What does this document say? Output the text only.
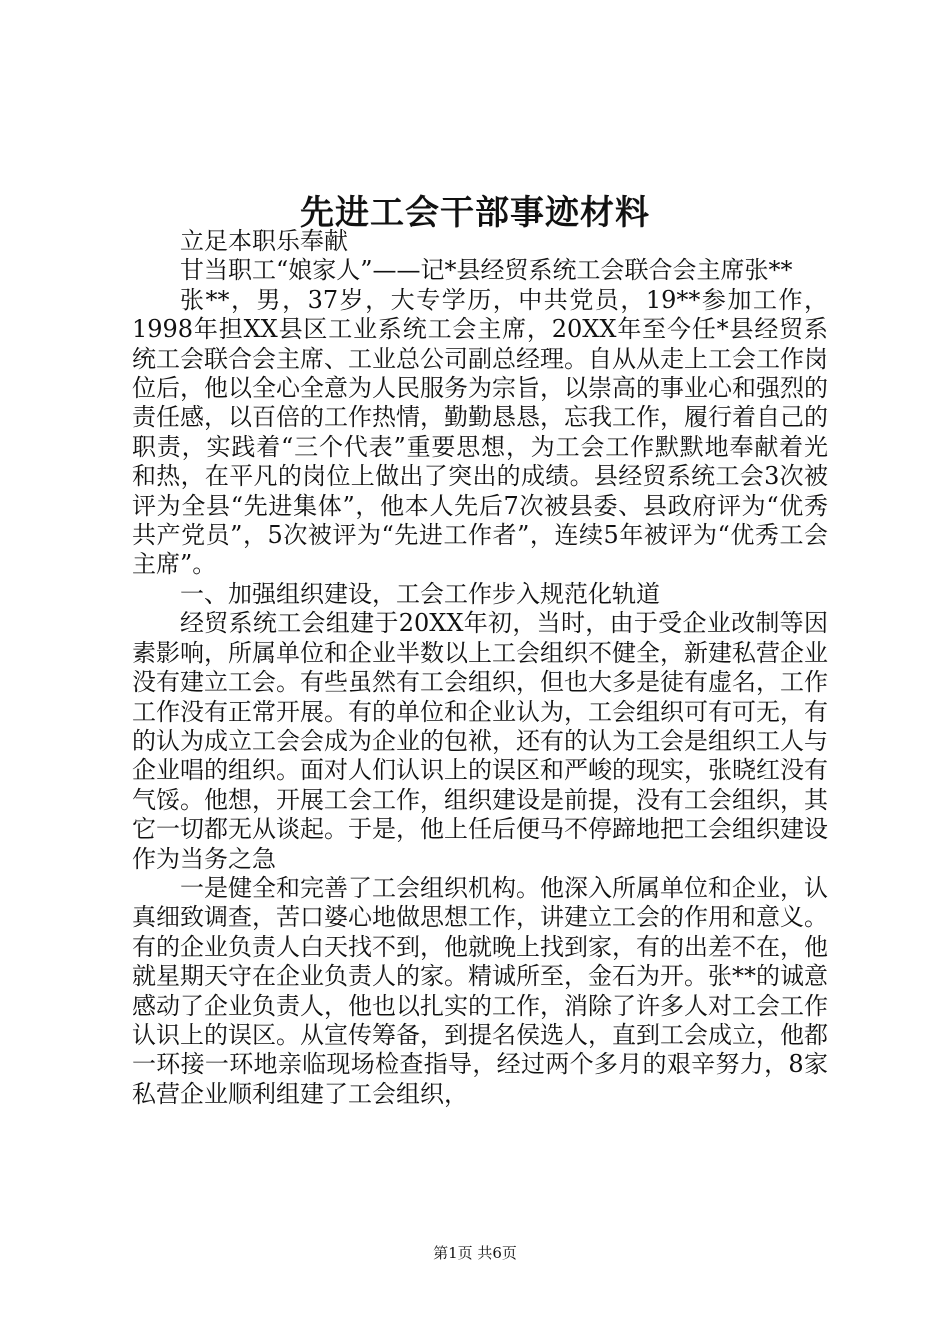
先进工会干部事迹材料

立足本职乐奉献

甘当职工“娘家人”——记*县经贸系统工会联合会主席张**

张**，男，37岁，大专学历，中共党员，19**参加工作，1998年担XX县区工业系统工会主席，20XX年至今任*县经贸系统工会联合会主席、工业总公司副总经理。自从从走上工会工作岗位后，他以全心全意为人民服务为宗旨，以崇高的事业心和强烈的责任感，以百倍的工作热情，勤勤恳恳，忘我工作，履行着自己的职责，实践着“三个代表”重要思想，为工会工作默默地奉献着光和热，在平凡的岗位上做出了突出的成绩。县经贸系统工会3次被评为全县“先进集体”，他本人先后7次被县委、县政府评为“优秀共产党员”，5次被评为“先进工作者”，连续5年被评为“优秀工会主席”。

一、加强组织建设，工会工作步入规范化轨道

经贸系统工会组建于20XX年初，当时，由于受企业改制等因素影响，所属单位和企业半数以上工会组织不健全，新建私营企业没有建立工会。有些虽然有工会组织，但也大多是徒有虚名，工作工作没有正常开展。有的单位和企业认为，工会组织可有可无，有的认为成立工会会成为企业的包袱，还有的认为工会是组织工人与企业唱的组织。面对人们认识上的误区和严峻的现实，张晓红没有气馁。他想，开展工会工作，组织建设是前提，没有工会组织，其它一切都无从谈起。于是，他上任后便马不停蹄地把工会组织建设作为当务之急

一是健全和完善了工会组织机构。他深入所属单位和企业，认真细致调查，苦口婆心地做思想工作，讲建立工会的作用和意义。有的企业负责人白天找不到，他就晚上找到家，有的出差不在，他就星期天守在企业负责人的家。精诚所至，金石为开。张**的诚意感动了企业负责人，他也以扎实的工作，消除了许多人对工会工作认识上的误区。从宣传筹备，到提名侯选人，直到工会成立，他都一环接一环地亲临现场检查指导，经过两个多月的艰辛努力，8家私营企业顺利组建了工会组织，

第1页 共6页
